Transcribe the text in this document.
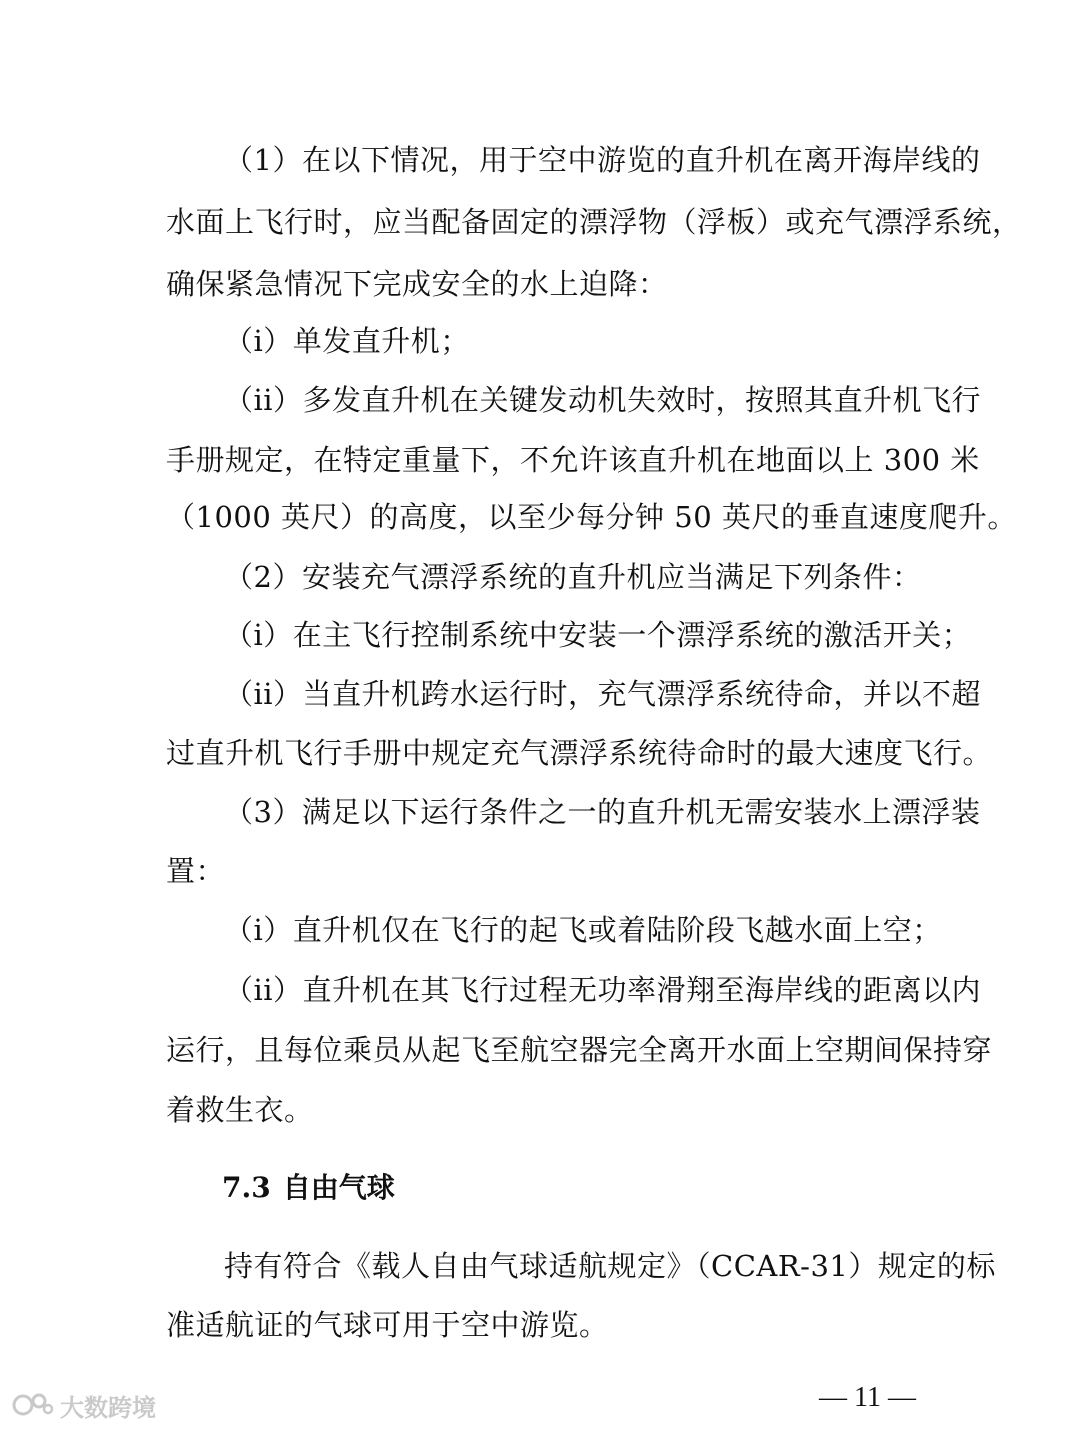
（1）在以下情况，用于空中游览的直升机在离开海岸线的
水面上飞行时，应当配备固定的漂浮物（浮板）或充气漂浮系统，
确保紧急情况下完成安全的水上迫降：
（i）单发直升机；
（ii）多发直升机在关键发动机失效时，按照其直升机飞行
手册规定，在特定重量下，不允许该直升机在地面以上 300 米
（1000 英尺）的高度，以至少每分钟 50 英尺的垂直速度爬升。
（2）安装充气漂浮系统的直升机应当满足下列条件：
（i）在主飞行控制系统中安装一个漂浮系统的激活开关；
（ii）当直升机跨水运行时，充气漂浮系统待命，并以不超
过直升机飞行手册中规定充气漂浮系统待命时的最大速度飞行。
（3）满足以下运行条件之一的直升机无需安装水上漂浮装
置：
（i）直升机仅在飞行的起飞或着陆阶段飞越水面上空；
（ii）直升机在其飞行过程无功率滑翔至海岸线的距离以内
运行，且每位乘员从起飞至航空器完全离开水面上空期间保持穿
着救生衣。
7.3 自由气球
持有符合《载人自由气球适航规定》（CCAR-31）规定的标
准适航证的气球可用于空中游览。
大数跨境	— 11 —
